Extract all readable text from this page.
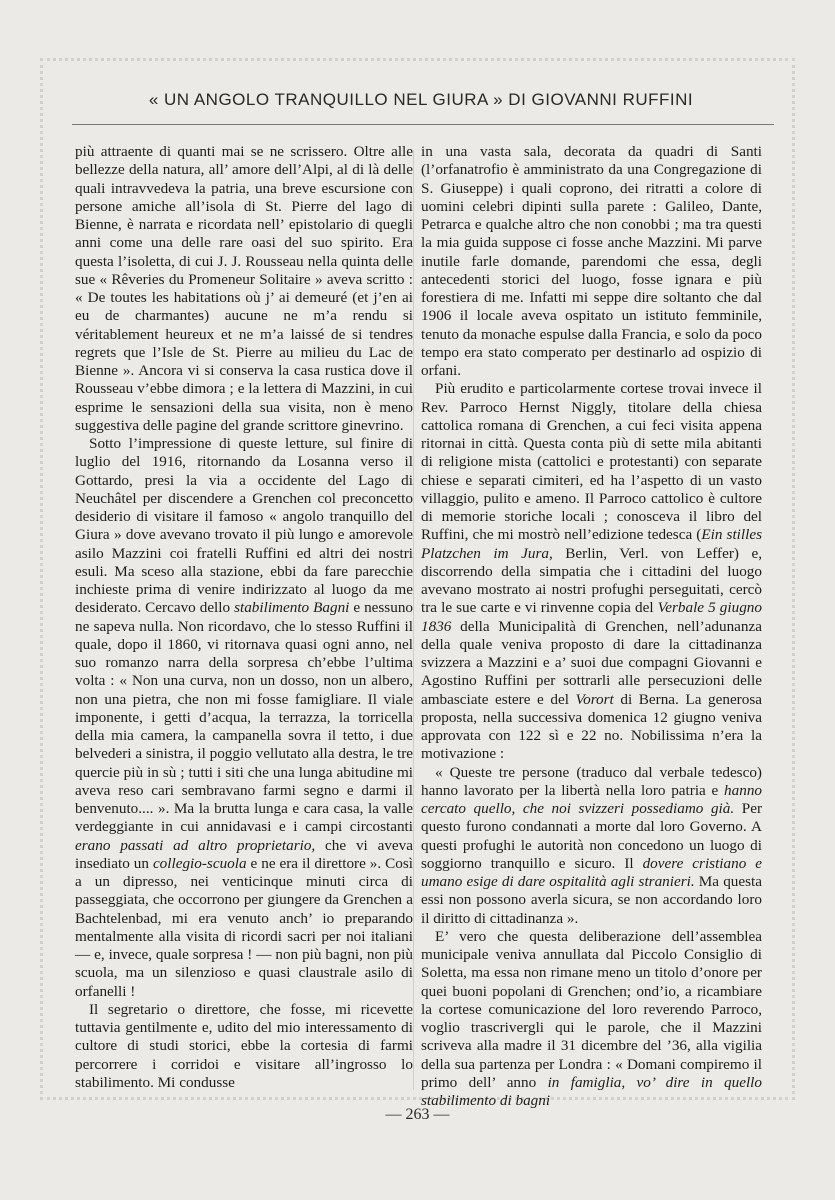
« UN ANGOLO TRANQUILLO NEL GIURA » DI GIOVANNI RUFFINI

più attraente di quanti mai se ne scrissero. Oltre alle bellezze della natura, all’ amore dell’Alpi, al di là delle quali intravvedeva la patria, una breve escursione con persone amiche all’isola di St. Pierre del lago di Bienne, è narrata e ricordata nell’ epistolario di quegli anni come una delle rare oasi del suo spirito. Era questa l’isoletta, di cui J. J. Rousseau nella quinta delle sue « Rêveries du Promeneur Solitaire » aveva scritto : « De toutes les habitations où j’ ai demeuré (et j’en ai eu de charmantes) aucune ne m’a rendu si véritablement heureux et ne m’a laissé de si tendres regrets que l’Isle de St. Pierre au milieu du Lac de Bienne ». Ancora vi si conserva la casa rustica dove il Rousseau v’ebbe dimora ; e la lettera di Mazzini, in cui esprime le sensazioni della sua visita, non è meno suggestiva delle pagine del grande scrittore ginevrino.

Sotto l’impressione di queste letture, sul finire di luglio del 1916, ritornando da Losanna verso il Gottardo, presi la via a occidente del Lago di Neuchâtel per discendere a Grenchen col preconcetto desiderio di visitare il famoso « angolo tranquillo del Giura » dove avevano trovato il più lungo e amorevole asilo Mazzini coi fratelli Ruffini ed altri dei nostri esuli. Ma sceso alla stazione, ebbi da fare parecchie inchieste prima di venire indirizzato al luogo da me desiderato. Cercavo dello stabilimento Bagni e nessuno ne sapeva nulla. Non ricordavo, che lo stesso Ruffini il quale, dopo il 1860, vi ritornava quasi ogni anno, nel suo romanzo narra della sorpresa ch’ebbe l’ultima volta : « Non una curva, non un dosso, non un albero, non una pietra, che non mi fosse famigliare. Il viale imponente, i getti d’acqua, la terrazza, la torricella della mia camera, la campanella sovra il tetto, i due belvederi a sinistra, il poggio vellutato alla destra, le tre quercie più in sù ; tutti i siti che una lunga abitudine mi aveva reso cari sembravano farmi segno e darmi il benvenuto.... ». Ma la brutta lunga e cara casa, la valle verdeggiante in cui annidavasi e i campi circostanti erano passati ad altro proprietario, che vi aveva insediato un collegio-scuola e ne era il direttore ». Così a un dipresso, nei venticinque minuti circa di passeggiata, che occorrono per giungere da Grenchen a Bachtelenbad, mi era venuto anch’ io preparando mentalmente alla visita di ricordi sacri per noi italiani — e, invece, quale sorpresa ! — non più bagni, non più scuola, ma un silenzioso e quasi claustrale asilo di orfanelli !

Il segretario o direttore, che fosse, mi ricevette tuttavia gentilmente e, udito del mio interessamento di cultore di studi storici, ebbe la cortesia di farmi percorrere i corridoi e visitare all’ingrosso lo stabilimento. Mi condusse

in una vasta sala, decorata da quadri di Santi (l’orfanatrofio è amministrato da una Congregazione di S. Giuseppe) i quali coprono, dei ritratti a colore di uomini celebri dipinti sulla parete : Galileo, Dante, Petrarca e qualche altro che non conobbi ; ma tra questi la mia guida suppose ci fosse anche Mazzini. Mi parve inutile farle domande, parendomi che essa, degli antecedenti storici del luogo, fosse ignara e più forestiera di me. Infatti mi seppe dire soltanto che dal 1906 il locale aveva ospitato un istituto femminile, tenuto da monache espulse dalla Francia, e solo da poco tempo era stato comperato per destinarlo ad ospizio di orfani.

Più erudito e particolarmente cortese trovai invece il Rev. Parroco Hernst Niggly, titolare della chiesa cattolica romana di Grenchen, a cui feci visita appena ritornai in città. Questa conta più di sette mila abitanti di religione mista (cattolici e protestanti) con separate chiese e separati cimiteri, ed ha l’aspetto di un vasto villaggio, pulito e ameno. Il Parroco cattolico è cultore di memorie storiche locali ; conosceva il libro del Ruffini, che mi mostrò nell’edizione tedesca (Ein stilles Platzchen im Jura, Berlin, Verl. von Leffer) e, discorrendo della simpatia che i cittadini del luogo avevano mostrato ai nostri profughi perseguitati, cercò tra le sue carte e vi rinvenne copia del Verbale 5 giugno 1836 della Municipalità di Grenchen, nell’adunanza della quale veniva proposto di dare la cittadinanza svizzera a Mazzini e a’ suoi due compagni Giovanni e Agostino Ruffini per sottrarli alle persecuzioni delle ambasciate estere e del Vorort di Berna. La generosa proposta, nella successiva domenica 12 giugno veniva approvata con 122 sì e 22 no. Nobilissima n’era la motivazione :

« Queste tre persone (traduco dal verbale tedesco) hanno lavorato per la libertà nella loro patria e hanno cercato quello, che noi svizzeri possediamo già. Per questo furono condannati a morte dal loro Governo. A questi profughi le autorità non concedono un luogo di soggiorno tranquillo e sicuro. Il dovere cristiano e umano esige di dare ospitalità agli stranieri. Ma questa essi non possono averla sicura, se non accordando loro il diritto di cittadinanza ».

E’ vero che questa deliberazione dell’assemblea municipale veniva annullata dal Piccolo Consiglio di Soletta, ma essa non rimane meno un titolo d’onore per quei buoni popolani di Grenchen; ond’io, a ricambiare la cortese comunicazione del loro reverendo Parroco, voglio trascrivergli qui le parole, che il Mazzini scriveva alla madre il 31 dicembre del ’36, alla vigilia della sua partenza per Londra : « Domani compiremo il primo dell’ anno in famiglia, vo’ dire in quello stabilimento di bagni

— 263 —
